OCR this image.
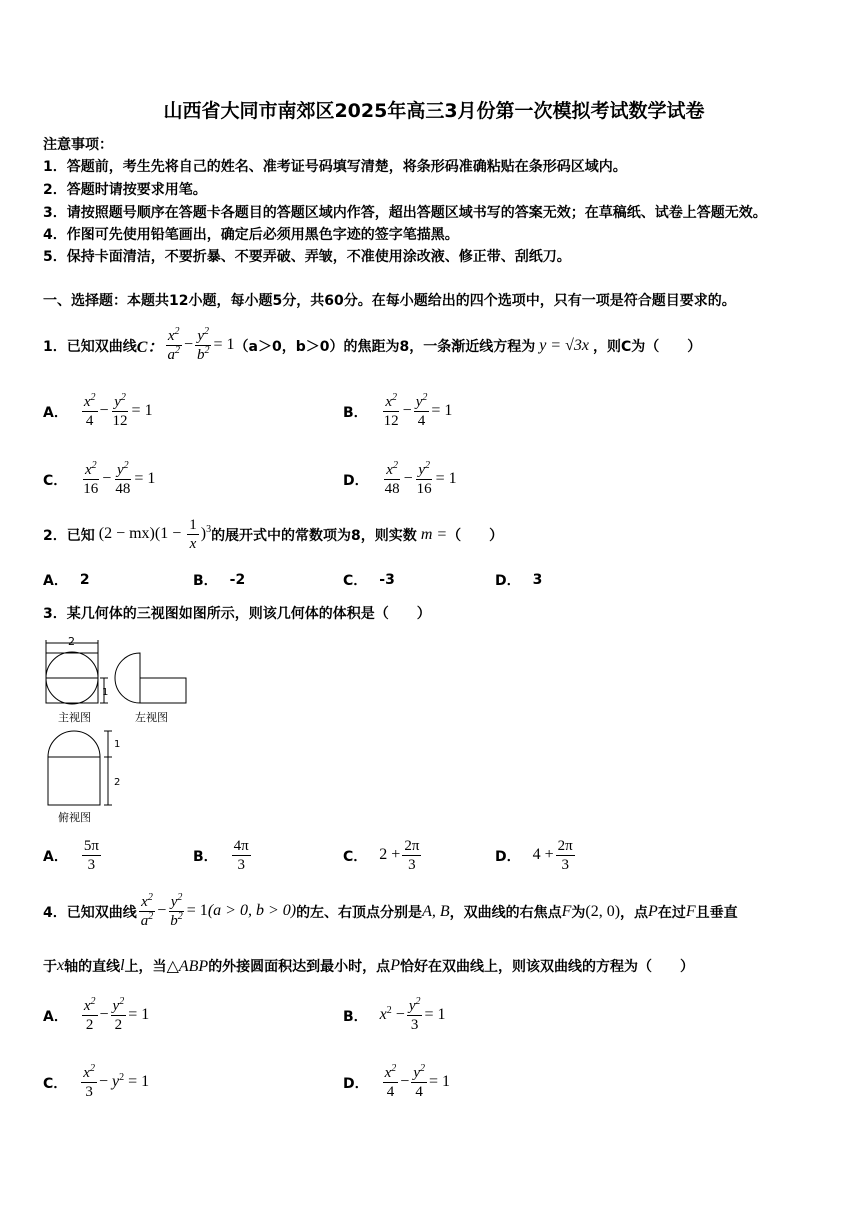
山西省大同市南郊区2025年高三3月份第一次模拟考试数学试卷
注意事项：
1．答题前，考生先将自己的姓名、准考证号码填写清楚，将条形码准确粘贴在条形码区域内。
2．答题时请按要求用笔。
3．请按照题号顺序在答题卡各题目的答题区域内作答，超出答题区域书写的答案无效；在草稿纸、试卷上答题无效。
4．作图可先使用铅笔画出，确定后必须用黑色字迹的签字笔描黑。
5．保持卡面清洁，不要折暴、不要弄破、弄皱，不准使用涂改液、修正带、刮纸刀。
一、选择题：本题共12小题，每小题5分，共60分。在每小题给出的四个选项中，只有一项是符合题目要求的。
1． 已知双曲线 C： $\frac{x^2}{a^2} - \frac{y^2}{b^2} = 1$ （a＞0，b＞0）的焦距为8，一条渐近线方程为 y = √3x ，则C为（　　）
A． $\frac{x^2}{4} - \frac{y^2}{12} = 1$	B． $\frac{x^2}{12} - \frac{y^2}{4} = 1$
C． $\frac{x^2}{16} - \frac{y^2}{48} = 1$	D． $\frac{x^2}{48} - \frac{y^2}{16} = 1$
2． 已知 $(2 - mx)(1 - \frac{1}{x} )^3$ 的展开式中的常数项为8，则实数 m = （　　）
A． 2	B． -2	C． -3	D． 3
3． 某几何体的三视图如图所示，则该几何体的体积是（　　）
2
1
1
2
主视图	左视图
俯视图
A． $\frac{5\pi}{3}$	B． $\frac{4\pi}{3}$	C． $2 + \frac{2\pi}{3}$	D． $4 + \frac{2\pi}{3}$
4． 已知双曲线 $\frac{x^2}{a^2} - \frac{y^2}{b^2} = 1(a > 0$, b > 0) 的左、右顶点分别是 A, B ，双曲线的右焦点 F 为 (2, 0) ，点 P 在过 F 且垂直
于 x 轴的直线 l 上，当 △ABP 的外接圆面积达到最小时，点 P 恰好在双曲线上，则该双曲线的方程为（　　）
A． $\frac{x^2}{2} - \frac{y^2}{2} = 1$	B． $x^2 - \frac{y^2}{3} = 1$
C． $\frac{x^2}{3} - y^2 = 1$	D． $\frac{x^2}{4} - \frac{y^2}{4} = 1$
